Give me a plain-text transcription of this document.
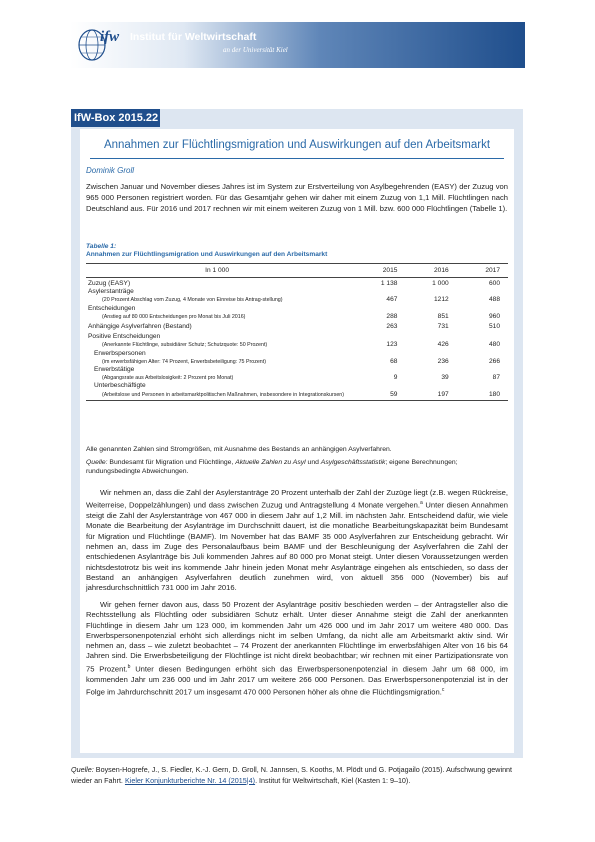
ifw Institut für Weltwirtschaft
an der Universität Kiel
IfW-Box 2015.22
Annahmen zur Flüchtlingsmigration und Auswirkungen auf den Arbeitsmarkt
Dominik Groll

Zwischen Januar und November dieses Jahres ist im System zur Erstverteilung von Asylbegehrenden (EASY) der Zuzug von 965 000 Personen registriert worden. Für das Gesamtjahr gehen wir daher mit einem Zuzug von 1,1 Mill. Flüchtlingen nach Deutschland aus. Für 2016 und 2017 rechnen wir mit einem weiteren Zuzug von 1 Mill. bzw. 600 000 Flüchtlingen (Tabelle 1).

Tabelle 1:
Annahmen zur Flüchtlingsmigration und Auswirkungen auf den Arbeitsmarkt
In 1 000	2015	2016	2017
Zuzug (EASY)	1 138	1 000	600
Asylerstanträge			
(20 Prozent Abschlag vom Zuzug, 4 Monate von Einreise bis Antrag-stellung)	467	1212	488
Entscheidungen			
(Anstieg auf 80 000 Entscheidungen pro Monat bis Juli 2016)	288	851	960
Anhängige Asylverfahren (Bestand)	263	731	510
Positive Entscheidungen			
(Anerkannte Flüchtlinge, subsidiärer Schutz; Schutzquote: 50 Prozent)	123	426	480
Erwerbspersonen			
(im erwerbsfähigen Alter: 74 Prozent, Erwerbsbeteiligung: 75 Prozent)	68	236	266
Erwerbstätige			
(Abgangsrate aus Arbeitslosigkeit: 2 Prozent pro Monat)	9	39	87
Unterbeschäftigte			
(Arbeitslose und Personen in arbeitsmarktpolitischen Maßnahmen, insbesondere in Integrationskursen)	59	197	180

Alle genannten Zahlen sind Stromgrößen, mit Ausnahme des Bestands an anhängigen Asylverfahren.

Quelle: Bundesamt für Migration und Flüchtlinge, Aktuelle Zahlen zu Asyl und Asylgeschäftsstatistik; eigene Berechnungen; rundungsbedingte Abweichungen.

Wir nehmen an, dass die Zahl der Asylerstanträge 20 Prozent unterhalb der Zahl der Zuzüge liegt (z.B. wegen Rückreise, Weiterreise, Doppelzählungen) und dass zwischen Zuzug und Antragstellung 4 Monate vergehen.$^a$ Unter diesen Annahmen steigt die Zahl der Asylerstanträge von 467 000 in diesem Jahr auf 1,2 Mill. im nächsten Jahr. Entscheidend dafür, wie viele Monate die Bearbeitung der Asylanträge im Durchschnitt dauert, ist die monatliche Bearbeitungskapazität beim Bundesamt für Migration und Flüchtlinge (BAMF). Im November hat das BAMF 35 000 Asylverfahren zur Entscheidung gebracht. Wir nehmen an, dass im Zuge des Personalaufbaus beim BAMF und der Beschleunigung der Asylverfahren die Zahl der entschiedenen Asylanträge bis Juli kommenden Jahres auf 80 000 pro Monat steigt. Unter diesen Voraussetzungen werden nichtsdestotrotz bis weit ins kommende Jahr hinein jeden Monat mehr Asylanträge eingehen als entschieden, so dass der Bestand an anhängigen Asylverfahren deutlich zunehmen wird, von aktuell 356 000 (November) bis auf jahresdurchschnittlich 731 000 im Jahr 2016.

Wir gehen ferner davon aus, dass 50 Prozent der Asylanträge positiv beschieden werden – der Antragsteller also die Rechtsstellung als Flüchtling oder subsidiären Schutz erhält. Unter dieser Annahme steigt die Zahl der anerkannten Flüchtlinge in diesem Jahr um 123 000, im kommenden Jahr um 426 000 und im Jahr 2017 um weitere 480 000. Das Erwerbspersonenpotenzial erhöht sich allerdings nicht im selben Umfang, da nicht alle am Arbeitsmarkt aktiv sind. Wir nehmen an, dass – wie zuletzt beobachtet – 74 Prozent der anerkannten Flüchtlinge im erwerbsfähigen Alter von 16 bis 64 Jahren sind. Die Erwerbsbeteiligung der Flüchtlinge ist nicht direkt beobachtbar; wir rechnen mit einer Partizipationsrate von 75 Prozent.$^b$ Unter diesen Bedingungen erhöht sich das Erwerbspersonenpotenzial in diesem Jahr um 68 000, im kommenden Jahr um 236 000 und im Jahr 2017 um weitere 266 000 Personen. Das Erwerbspersonenpotenzial ist in der Folge im Jahrdurchschnitt 2017 um insgesamt 470 000 Personen höher als ohne die Flüchtlingsmigration.$^c$

Quelle: Boysen-Hogrefe, J., S. Fiedler, K.-J. Gern, D. Groll, N. Jannsen, S. Kooths, M. Plödt und G. Potjagailo (2015). Aufschwung gewinnt wieder an Fahrt. Kieler Konjunkturberichte Nr. 14 (2015|4). Institut für Weltwirtschaft, Kiel (Kasten 1: 9–10).
